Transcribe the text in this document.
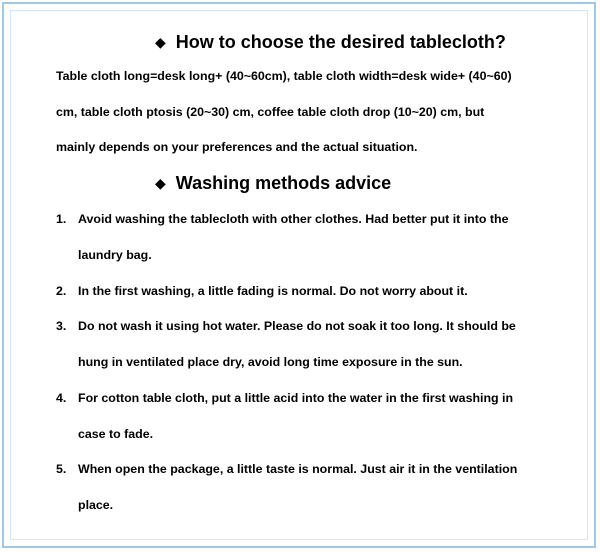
◆ How to choose the desired tablecloth?
Table cloth long=desk long+ (40~60cm), table cloth width=desk wide+ (40~60)
cm, table cloth ptosis (20~30) cm, coffee table cloth drop (10~20) cm, but
mainly depends on your preferences and the actual situation.
◆ Washing methods advice
1. Avoid washing the tablecloth with other clothes. Had better put it into the
laundry bag.
2. In the first washing, a little fading is normal. Do not worry about it.
3. Do not wash it using hot water. Please do not soak it too long. It should be
hung in ventilated place dry, avoid long time exposure in the sun.
4. For cotton table cloth, put a little acid into the water in the first washing in
case to fade.
5. When open the package, a little taste is normal. Just air it in the ventilation
place.
